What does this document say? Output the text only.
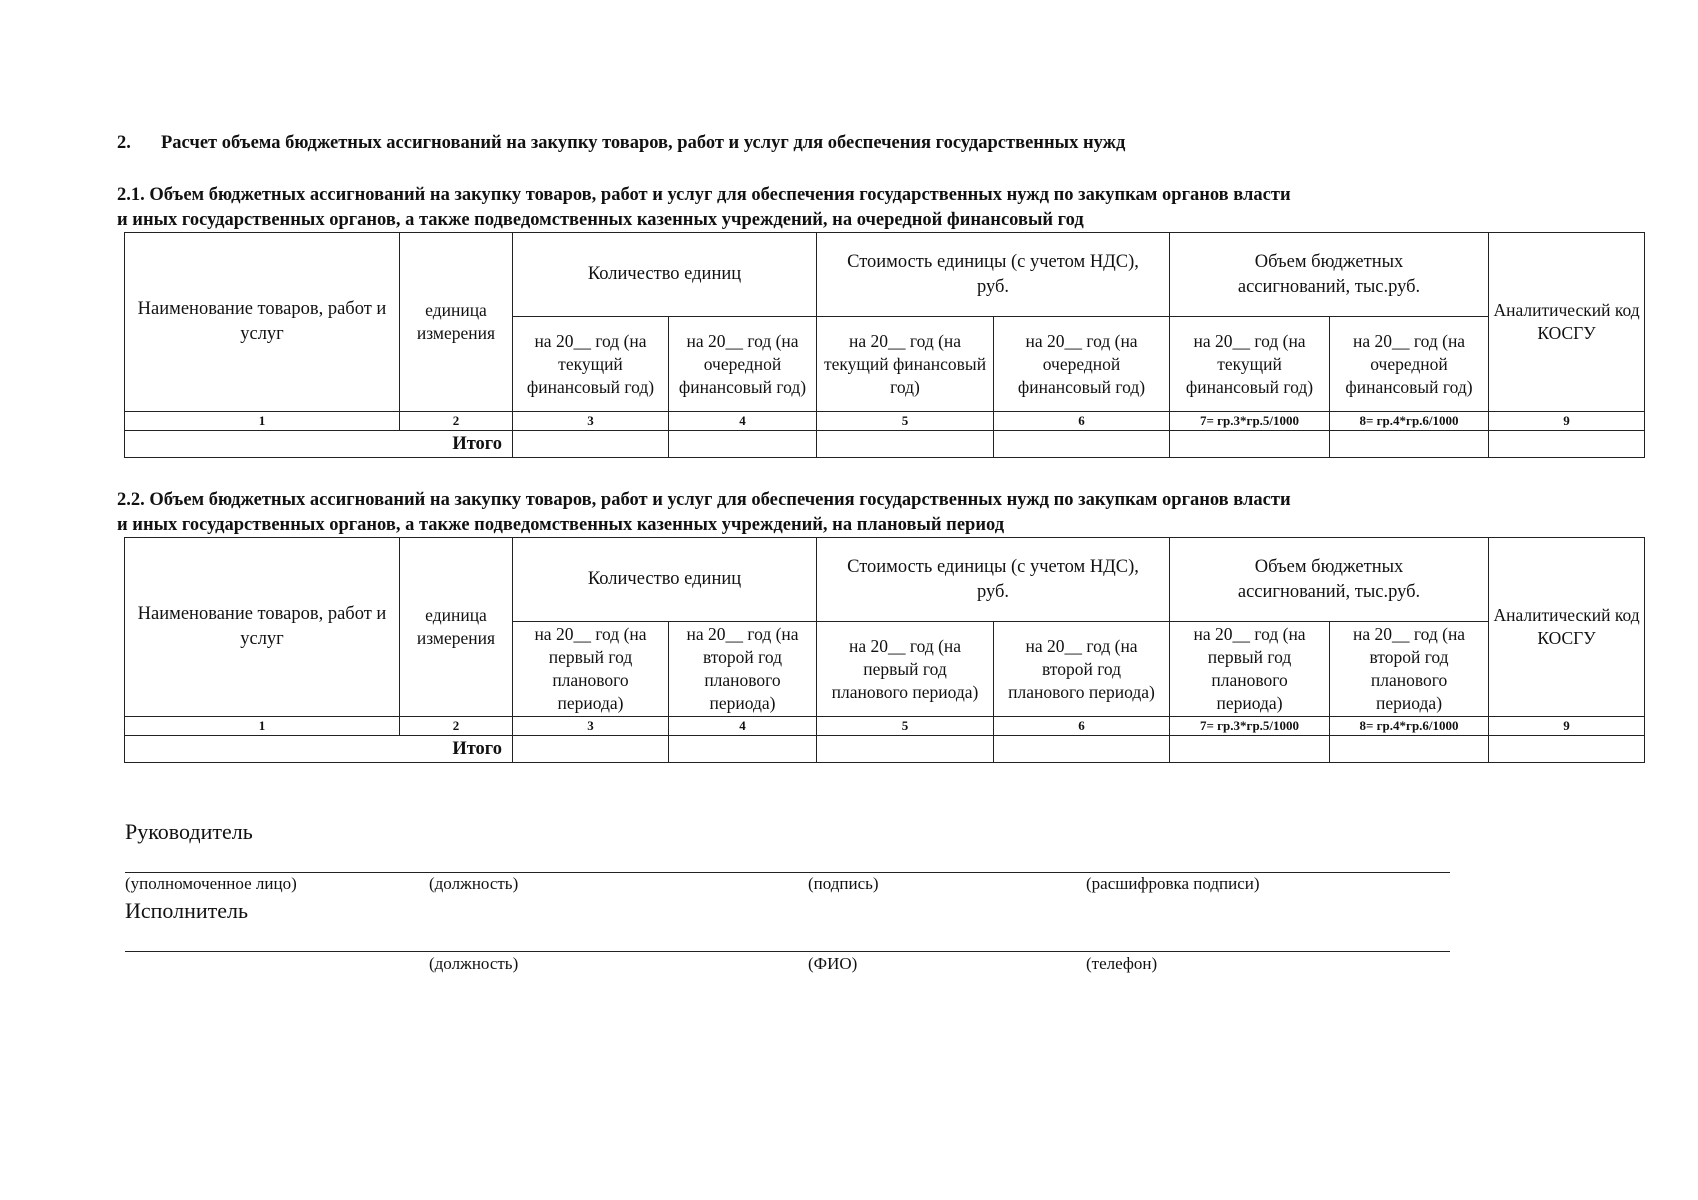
2. Расчет объема бюджетных ассигнований на закупку товаров, работ и услуг для обеспечения государственных нужд
2.1. Объем бюджетных ассигнований на закупку товаров, работ и услуг для обеспечения государственных нужд по закупкам органов власти
и иных государственных органов, а также подведомственных казенных учреждений, на очередной финансовый год
Наименование товаров, работ и услуг	единица измерения	Количество единиц		Стоимость единицы (с учетом НДС), руб.		Объем бюджетных ассигнований, тыс.руб.		Аналитический код КОСГУ
		на 20__ год (на текущий финансовый год)	на 20__ год (на очередной финансовый год)	на 20__ год (на текущий финансовый год)	на 20__ год (на очередной финансовый год)	на 20__ год (на текущий финансовый год)	на 20__ год (на очередной финансовый год)	
1	2	3	4	5	6	7= гр.3*гр.5/1000	8= гр.4*гр.6/1000	9
Итого								
2.2. Объем бюджетных ассигнований на закупку товаров, работ и услуг для обеспечения государственных нужд по закупкам органов власти
и иных государственных органов, а также подведомственных казенных учреждений, на плановый период
Наименование товаров, работ и услуг	единица измерения	Количество единиц		Стоимость единицы (с учетом НДС), руб.		Объем бюджетных ассигнований, тыс.руб.		Аналитический код КОСГУ
		на 20__ год (на первый год планового периода)	на 20__ год (на второй год планового периода)	на 20__ год (на первый год планового периода)	на 20__ год (на второй год планового периода)	на 20__ год (на первый год планового периода)	на 20__ год (на второй год планового периода)	
1	2	3	4	5	6	7= гр.3*гр.5/1000	8= гр.4*гр.6/1000	9
Итого								
Руководитель
(уполномоченное лицо)	(должность)	(подпись)	(расшифровка подписи)
Исполнитель
(должность)	(ФИО)	(телефон)
